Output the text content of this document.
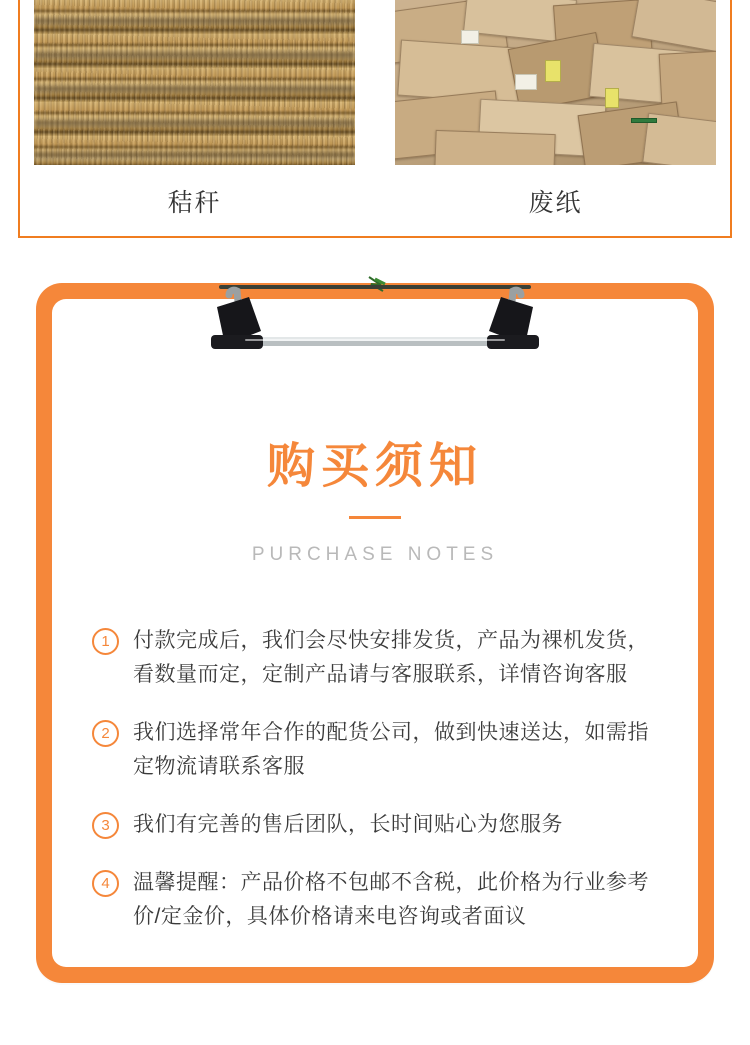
秸秆	废纸
购买须知
PURCHASE NOTES
1	付款完成后，我们会尽快安排发货，产品为裸机发货，看数量而定，定制产品请与客服联系，详情咨询客服
2	我们选择常年合作的配货公司，做到快速送达，如需指定物流请联系客服
3	我们有完善的售后团队，长时间贴心为您服务
4	温馨提醒：产品价格不包邮不含税，此价格为行业参考价/定金价，具体价格请来电咨询或者面议
